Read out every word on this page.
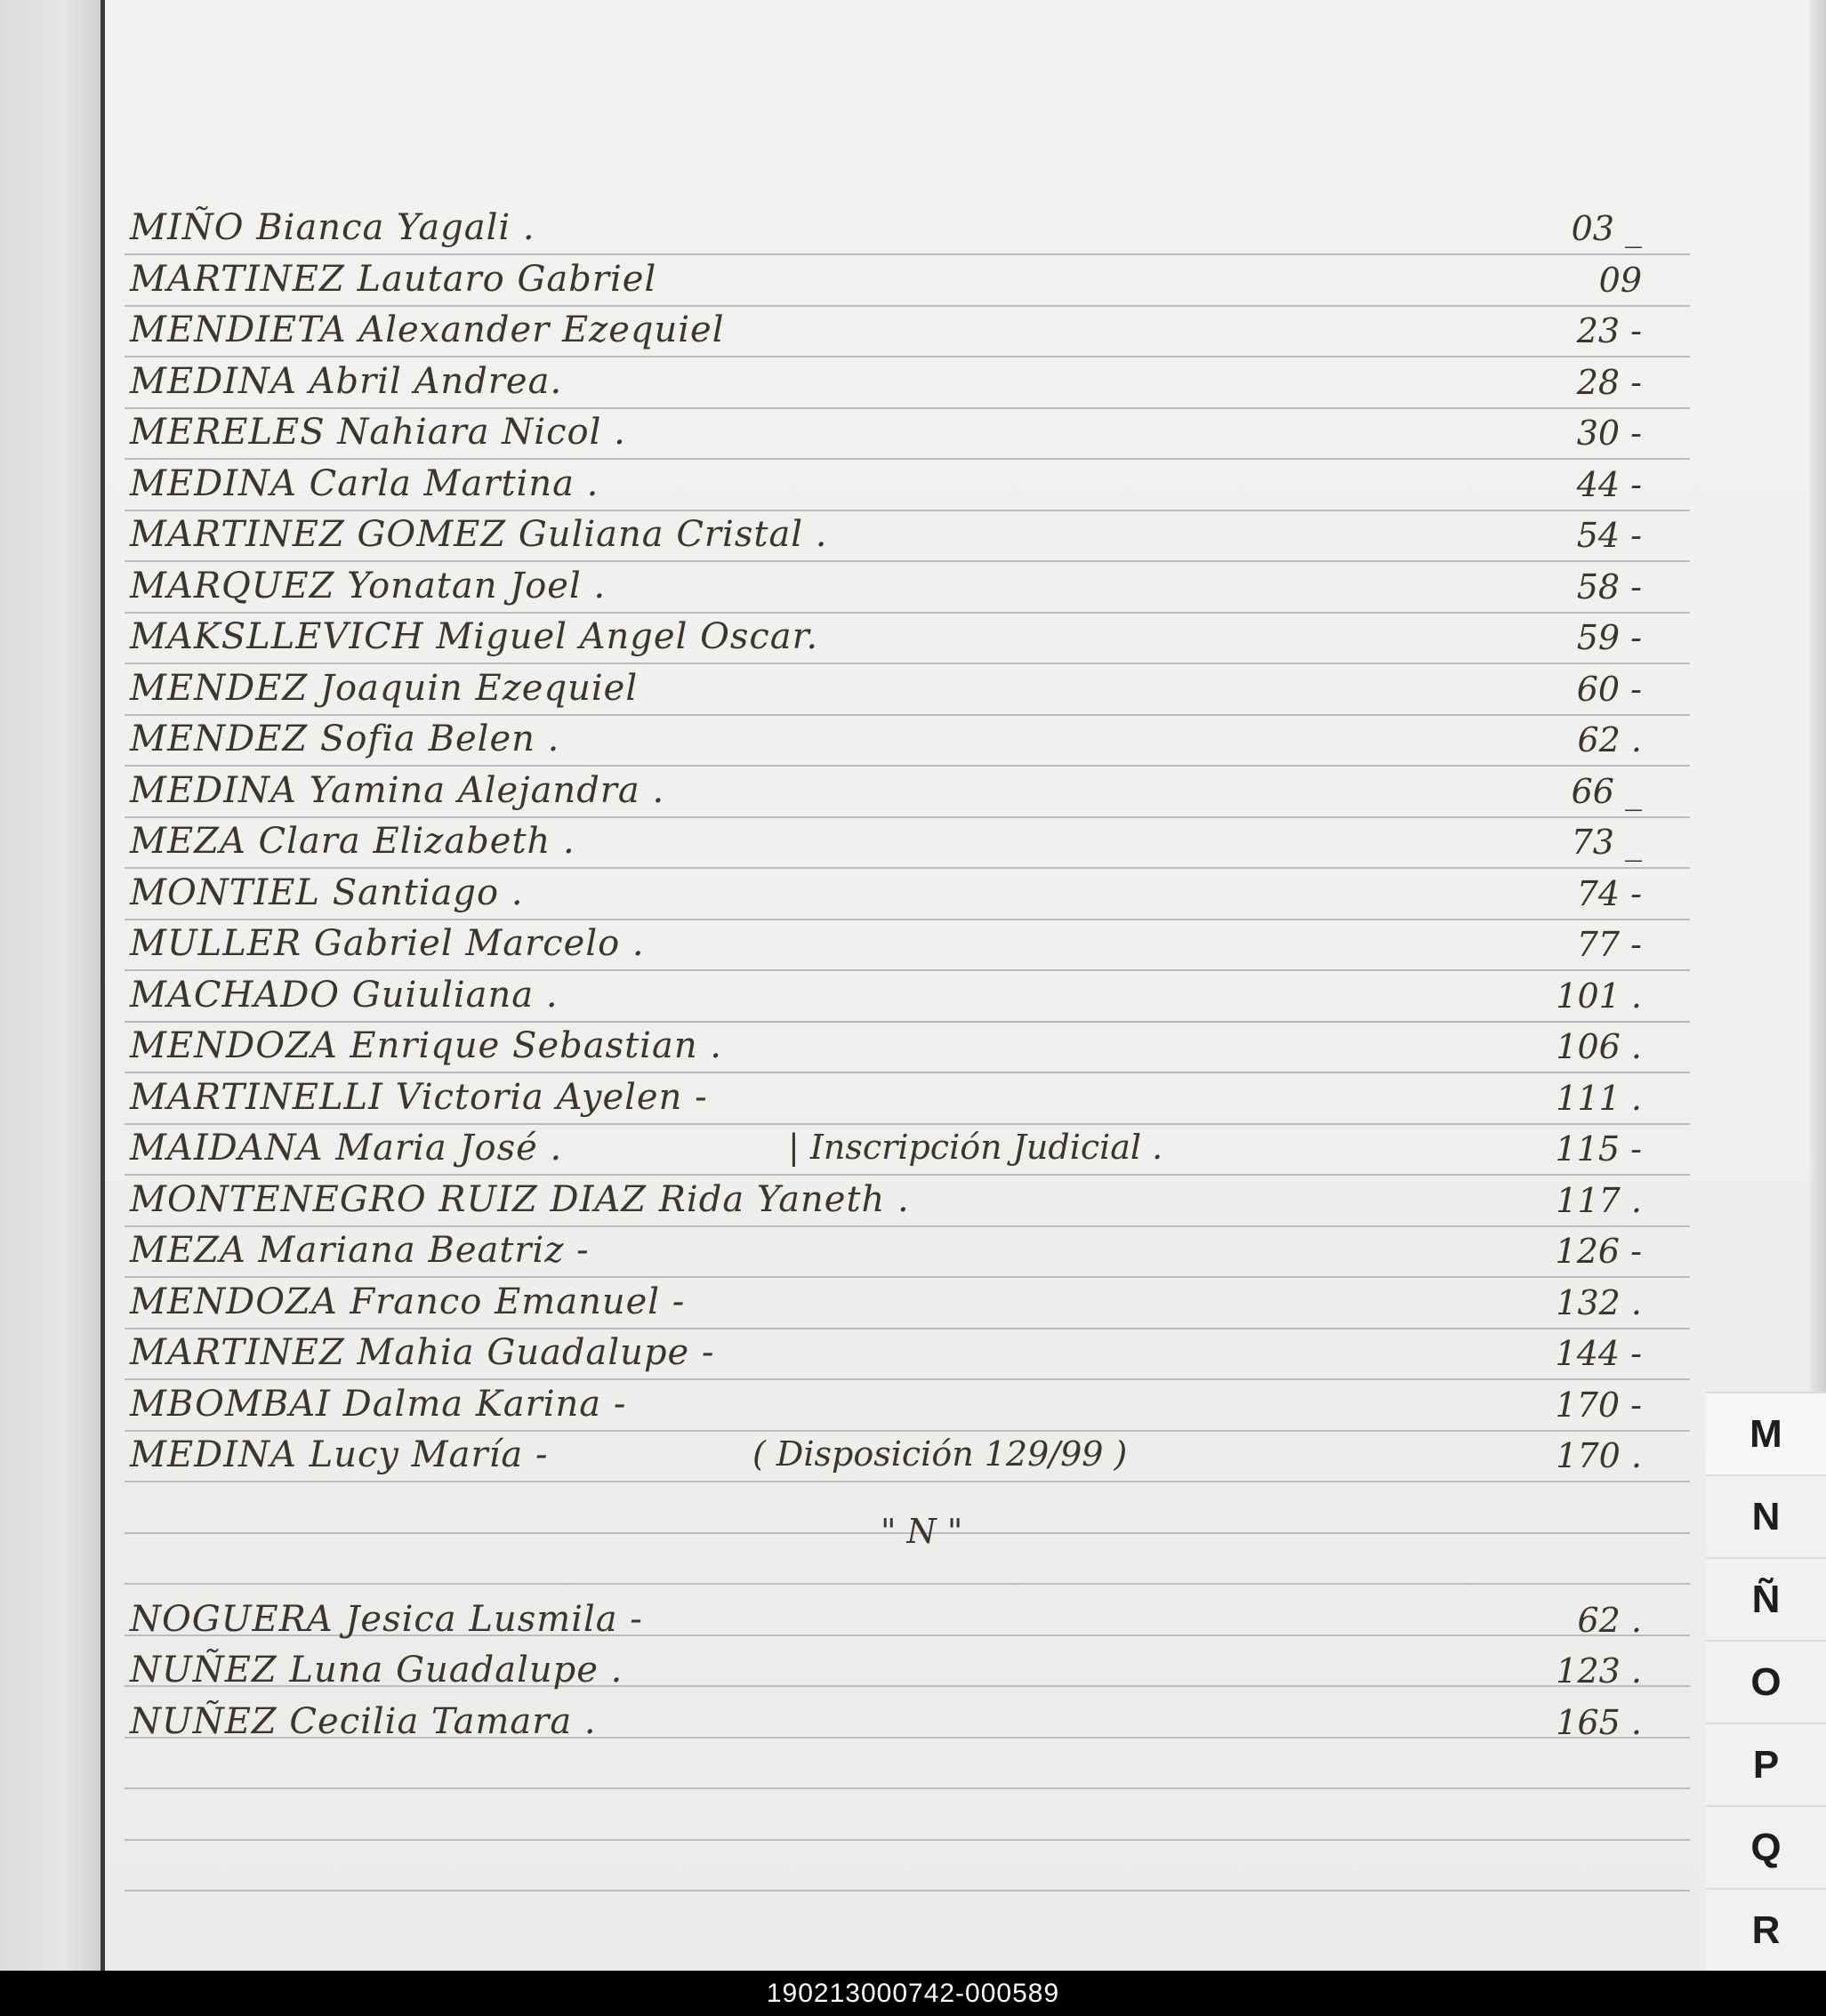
MIÑO Bianca Yagali .	03 _
MARTINEZ Lautaro Gabriel	09
MENDIETA Alexander Ezequiel	23 -
MEDINA Abril Andrea.	28 -
MERELES Nahiara Nicol .	30 -
MEDINA Carla Martina .	44 -
MARTINEZ GOMEZ Guliana Cristal .	54 -
MARQUEZ Yonatan Joel .	58 -
MAKSLLEVICH Miguel Angel Oscar.	59 -
MENDEZ Joaquin Ezequiel	60 -
MENDEZ Sofia Belen .	62 .
MEDINA Yamina Alejandra .	66 _
MEZA Clara Elizabeth .	73 _
MONTIEL Santiago .	74 -
MULLER Gabriel Marcelo .	77 -
MACHADO Guiuliana .	101 .
MENDOZA Enrique Sebastian .	106 .
MARTINELLI Victoria Ayelen -	111 .
MAIDANA Maria José .	| Inscripción Judicial .	115 -
MONTENEGRO RUIZ DIAZ Rida Yaneth .	117 .
MEZA Mariana Beatriz -	126 -
MENDOZA Franco Emanuel -	132 .
MARTINEZ Mahia Guadalupe -	144 -
MBOMBAI Dalma Karina -	170 -
MEDINA Lucy María -	( Disposición 129/99 )	170 .
" N "
NOGUERA Jesica Lusmila -	62 .
NUÑEZ Luna Guadalupe .	123 .
NUÑEZ Cecilia Tamara .	165 .
M
N
Ñ
O
P
Q
R
190213000742-000589
